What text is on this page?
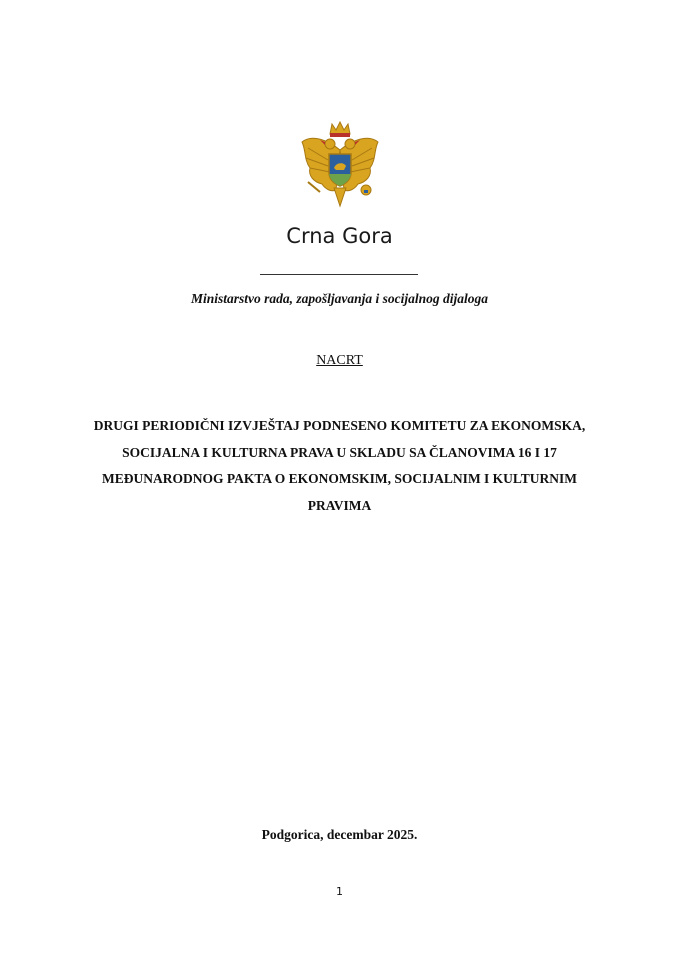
Crna Gora
Ministarstvo rada, zapošljavanja i socijalnog dijaloga
NACRT
DRUGI PERIODIČNI IZVJEŠTAJ PODNESENO KOMITETU ZA EKONOMSKA,
SOCIJALNA I KULTURNA PRAVA U SKLADU SA ČLANOVIMA 16 I 17
MEĐUNARODNOG PAKTA O EKONOMSKIM, SOCIJALNIM I KULTURNIM
PRAVIMA
Podgorica, decembar 2025.
1
